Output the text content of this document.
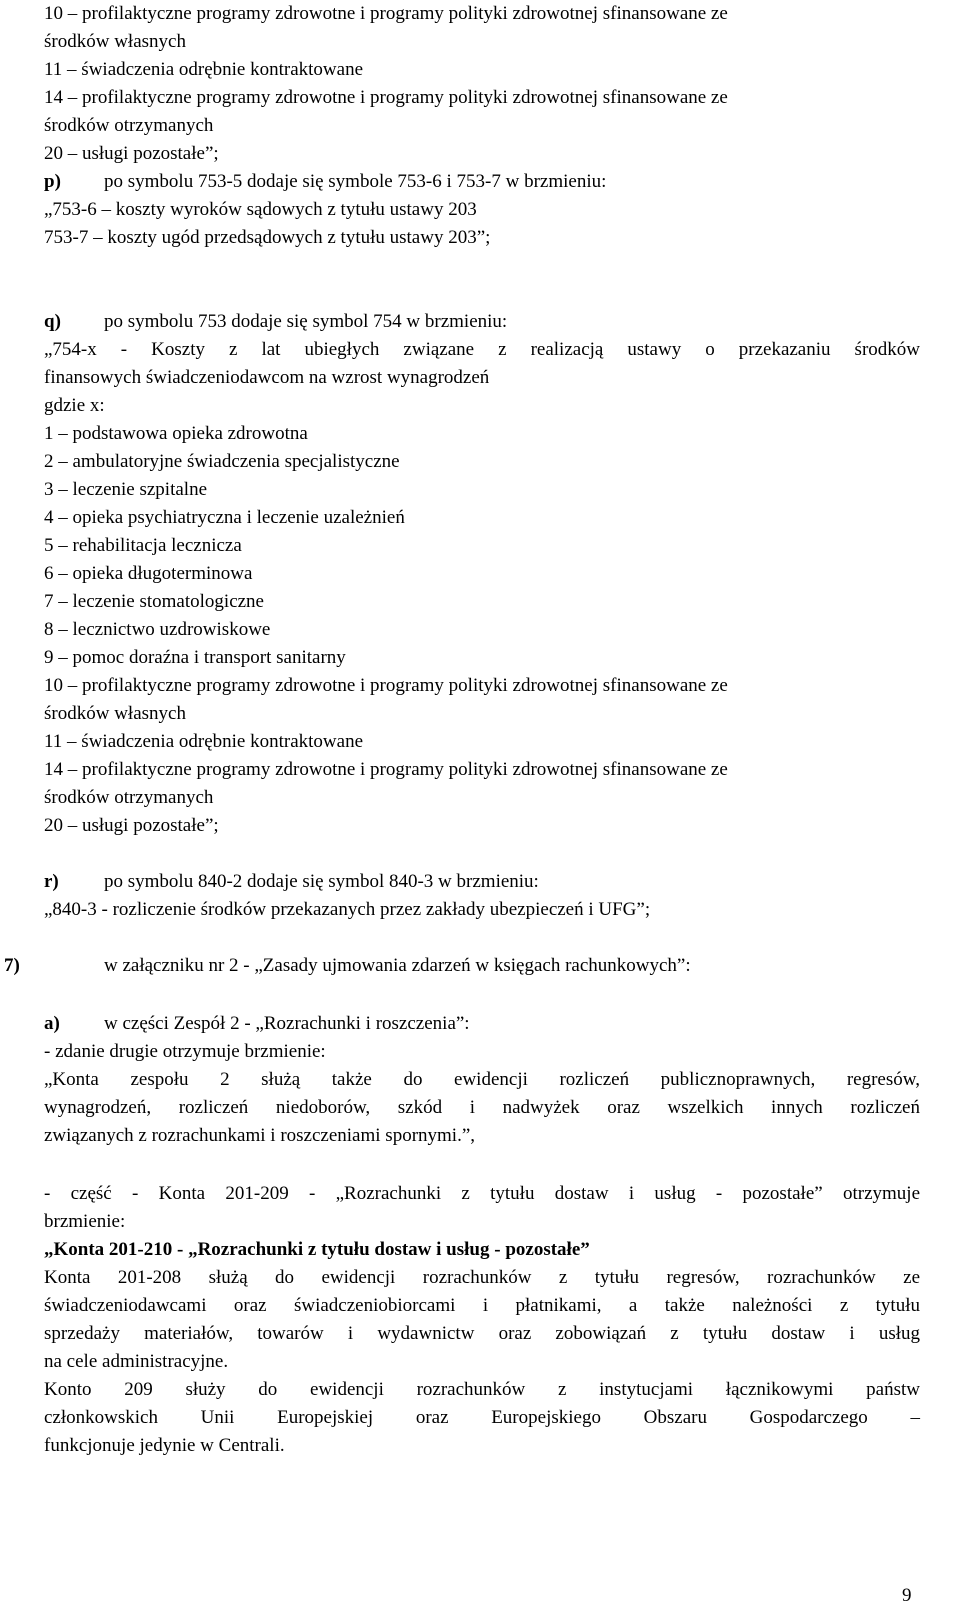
10 – profilaktyczne programy zdrowotne i programy polityki zdrowotnej sfinansowane ze
środków własnych
11 – świadczenia odrębnie kontraktowane
14 – profilaktyczne programy zdrowotne i programy polityki zdrowotnej sfinansowane ze
środków otrzymanych
20 – usługi pozostałe”;
p) po symbolu 753-5 dodaje się symbole 753-6 i 753-7 w brzmieniu:
„753-6 – koszty wyroków sądowych z tytułu ustawy 203
753-7 – koszty ugód przedsądowych z tytułu ustawy 203”;
q) po symbolu 753 dodaje się symbol 754 w brzmieniu:
„754-x - Koszty z lat ubiegłych związane z realizacją ustawy o przekazaniu środków
finansowych świadczeniodawcom na wzrost wynagrodzeń
gdzie x:
1 – podstawowa opieka zdrowotna
2 – ambulatoryjne świadczenia specjalistyczne
3 – leczenie szpitalne
4 – opieka psychiatryczna i leczenie uzależnień
5 – rehabilitacja lecznicza
6 – opieka długoterminowa
7 – leczenie stomatologiczne
8 – lecznictwo uzdrowiskowe
9 – pomoc doraźna i transport sanitarny
10 – profilaktyczne programy zdrowotne i programy polityki zdrowotnej sfinansowane ze
środków własnych
11 – świadczenia odrębnie kontraktowane
14 – profilaktyczne programy zdrowotne i programy polityki zdrowotnej sfinansowane ze
środków otrzymanych
20 – usługi pozostałe”;
r) po symbolu 840-2 dodaje się symbol 840-3 w brzmieniu:
„840-3 - rozliczenie środków przekazanych przez zakłady ubezpieczeń i UFG”;
7)	w załączniku nr 2 - „Zasady ujmowania zdarzeń w księgach rachunkowych”:
a) w części Zespół 2 - „Rozrachunki i roszczenia”:
- zdanie drugie otrzymuje brzmienie:
„Konta zespołu 2 służą także do ewidencji rozliczeń publicznoprawnych, regresów,
wynagrodzeń, rozliczeń niedoborów, szkód i nadwyżek oraz wszelkich innych rozliczeń
związanych z rozrachunkami i roszczeniami spornymi.”,
- część - Konta 201-209 - „Rozrachunki z tytułu dostaw i usług - pozostałe” otrzymuje
brzmienie:
„Konta 201-210 - „Rozrachunki z tytułu dostaw i usług - pozostałe”
Konta 201-208 służą do ewidencji rozrachunków z tytułu regresów, rozrachunków ze
świadczeniodawcami oraz świadczeniobiorcami i płatnikami, a także należności z tytułu
sprzedaży materiałów, towarów i wydawnictw oraz zobowiązań z tytułu dostaw i usług
na cele administracyjne.
Konto 209 służy do ewidencji rozrachunków z instytucjami łącznikowymi państw
członkowskich Unii Europejskiej oraz Europejskiego Obszaru Gospodarczego –
funkcjonuje jedynie w Centrali.
9
